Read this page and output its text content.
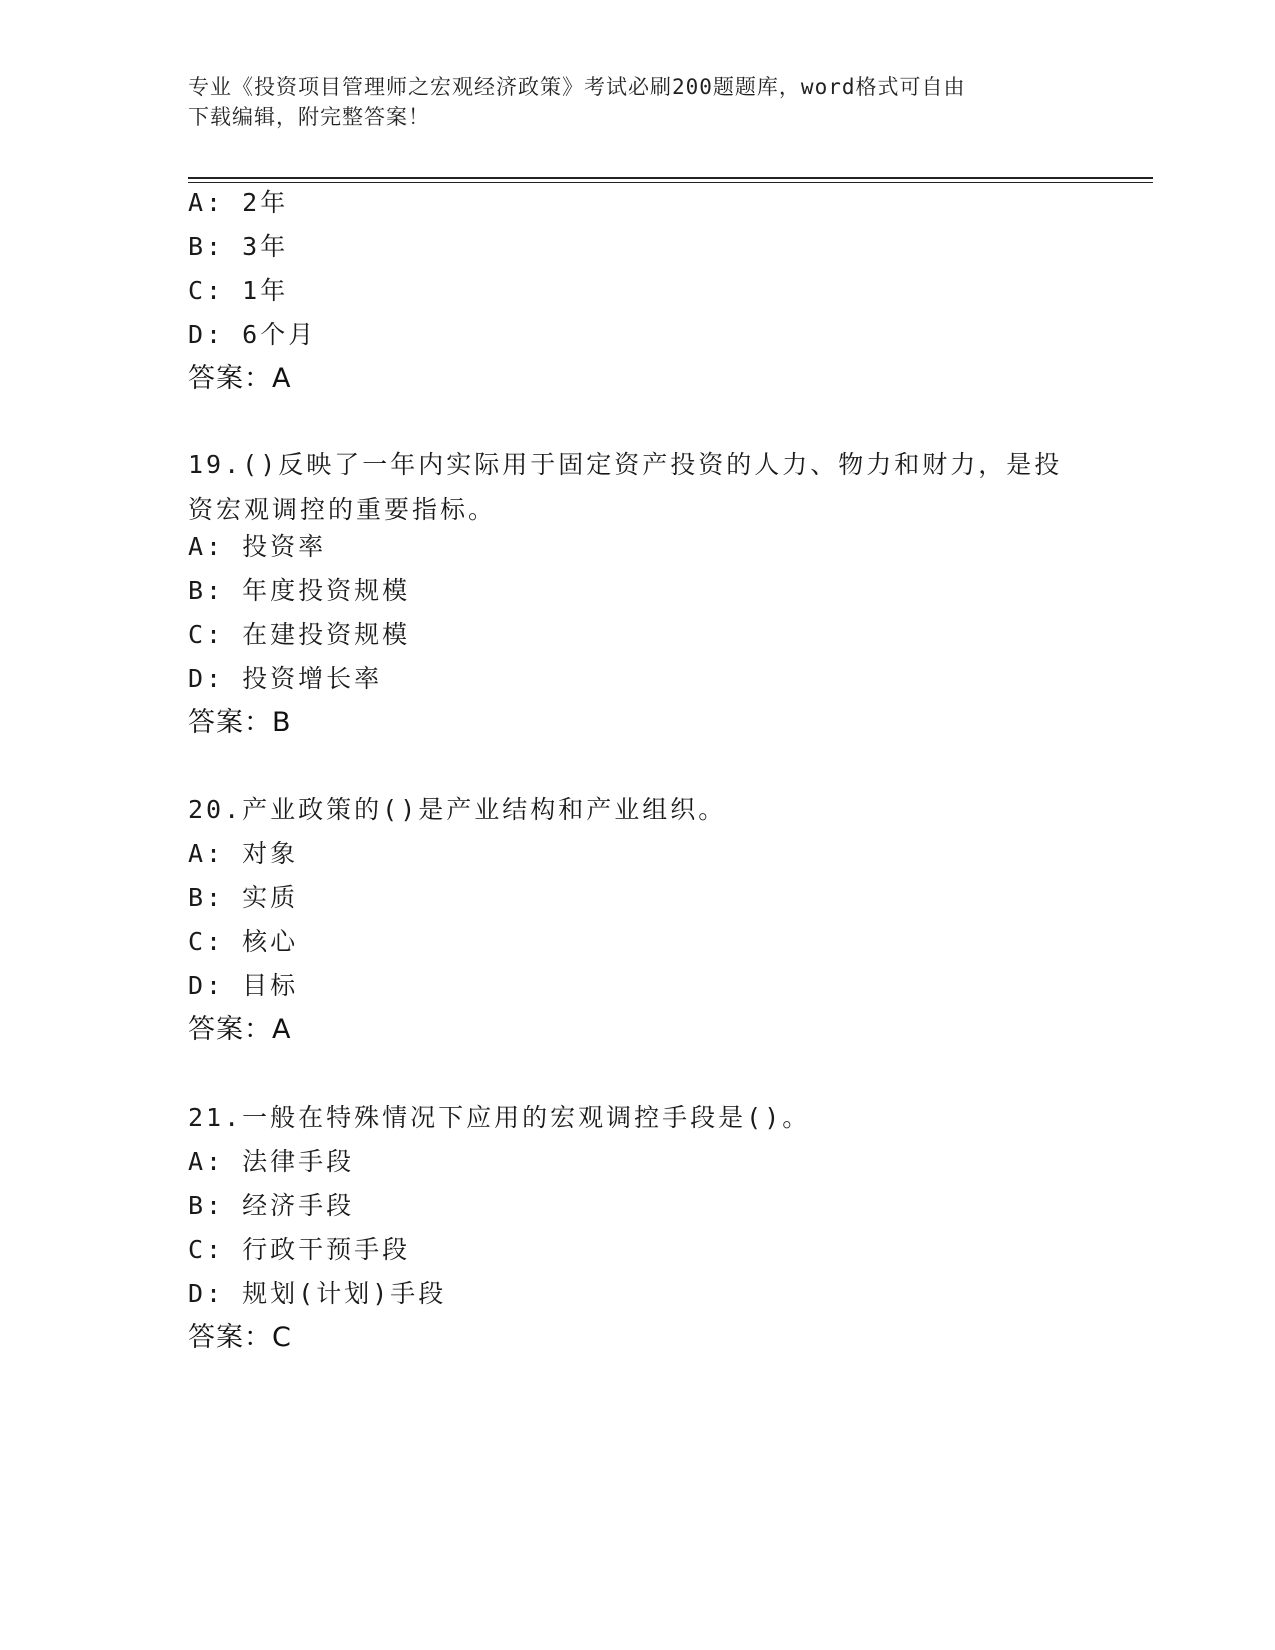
专业《投资项目管理师之宏观经济政策》考试必刷200题题库，word格式可自由
下载编辑，附完整答案！
A: 2年
B: 3年
C: 1年
D: 6个月
答案：A
19.()反映了一年内实际用于固定资产投资的人力、物力和财力，是投
资宏观调控的重要指标。
A: 投资率
B: 年度投资规模
C: 在建投资规模
D: 投资增长率
答案：B
20.产业政策的()是产业结构和产业组织。
A: 对象
B: 实质
C: 核心
D: 目标
答案：A
21.一般在特殊情况下应用的宏观调控手段是()。
A: 法律手段
B: 经济手段
C: 行政干预手段
D: 规划(计划)手段
答案：C
